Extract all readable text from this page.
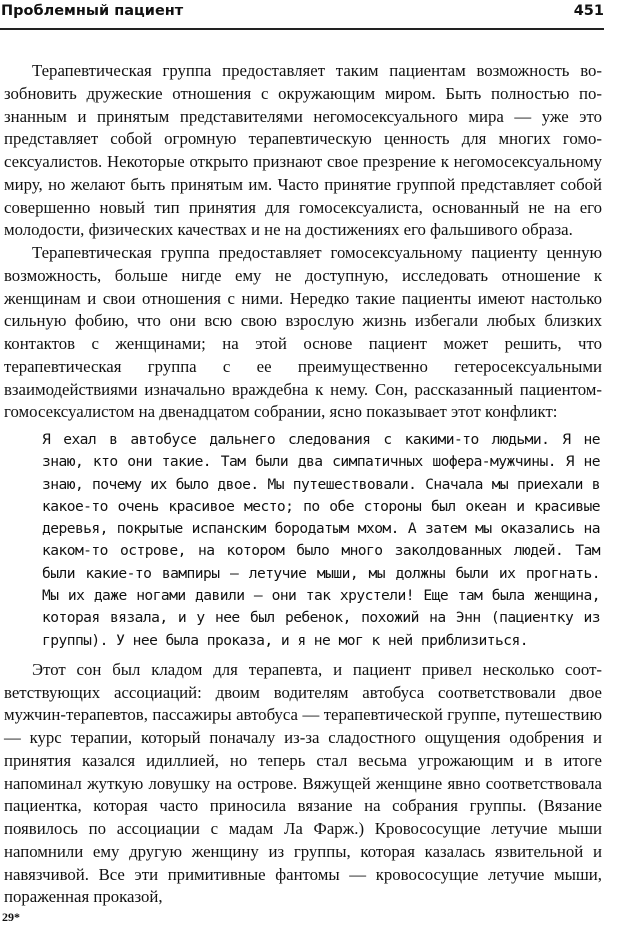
Проблемный пациент	451

Терапевтическая группа предоставляет таким пациентам возможность возобновить дружеские отношения с окружающим миром. Быть полностью познанным и принятым представителями негомосексуального мира — уже это представляет собой огромную терапевтическую ценность для многих гомосексуалистов. Некоторые открыто признают свое презрение к негомосексуальному миру, но желают быть принятым им. Часто принятие группой представляет собой совершенно новый тип принятия для гомосексуалиста, основанный не на его молодости, физических качествах и не на достижениях его фальшивого образа.

Терапевтическая группа предоставляет гомосексуальному пациенту ценную возможность, больше нигде ему не доступную, исследовать отношение к женщинам и свои отношения с ними. Нередко такие пациенты имеют настолько сильную фобию, что они всю свою взрослую жизнь избегали любых близких контактов с женщинами; на этой основе пациент может решить, что терапевтическая группа с ее преимущественно гетеросексуальными взаимодействиями изначально враждебна к нему. Сон, рассказанный пациентом-гомосексуалистом на двенадцатом собрании, ясно показывает этот конфликт:

Я ехал в автобусе дальнего следования с какими-то людьми. Я не знаю, кто они такие. Там были два симпатичных шофера-мужчины. Я не знаю, почему их было двое. Мы путешествовали. Сначала мы приехали в какое-то очень красивое место; по обе стороны был океан и красивые деревья, покрытые испанским бородатым мхом. А затем мы оказались на каком-то острове, на котором было много заколдованных людей. Там были какие-то вампиры — летучие мыши, мы должны были их прогнать. Мы их даже ногами давили — они так хрустели! Еще там была женщина, которая вязала, и у нее был ребенок, похожий на Энн (пациентку из группы). У нее была проказа, и я не мог к ней приблизиться.

Этот сон был кладом для терапевта, и пациент привел несколько соответствующих ассоциаций: двоим водителям автобуса соответствовали двое мужчин-терапевтов, пассажиры автобуса — терапевтической группе, путешествию — курс терапии, который поначалу из-за сладостного ощущения одобрения и принятия казался идиллией, но теперь стал весьма угрожающим и в итоге напоминал жуткую ловушку на острове. Вяжущей женщине явно соответствовала пациентка, которая часто приносила вязание на собрания группы. (Вязание появилось по ассоциации с мадам Ла Фарж.) Кровососущие летучие мыши напомнили ему другую женщину из группы, которая казалась язвительной и навязчивой. Все эти примитивные фантомы — кровососущие летучие мыши, пораженная проказой,

29*
